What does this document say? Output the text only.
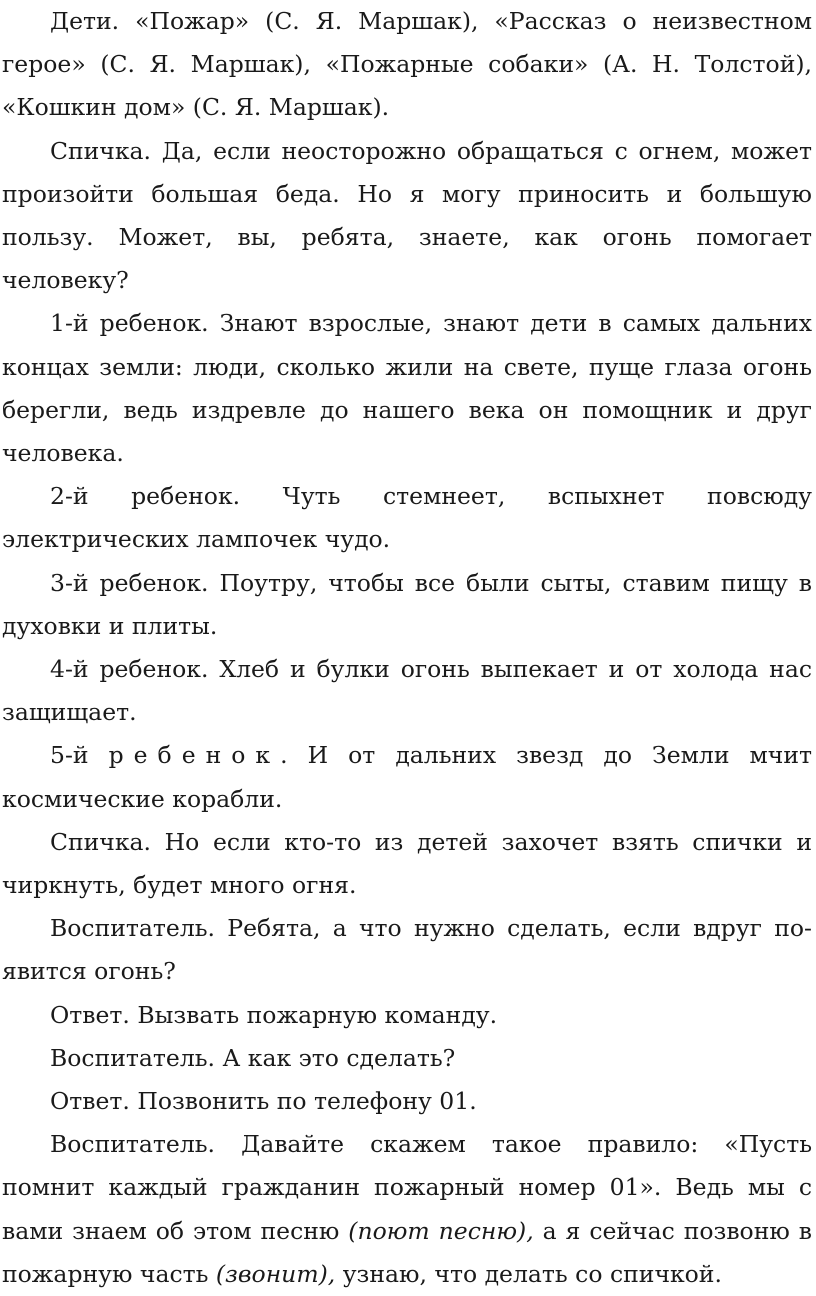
Дети. «Пожар» (С. Я. Маршак), «Рассказ о неизвестном герое» (С. Я. Маршак), «Пожарные собаки» (А. Н. Толстой), «Кошкин дом» (С. Я. Маршак).

Спичка. Да, если неосторожно обращаться с огнем, может произойти большая беда. Но я могу приносить и большую пользу. Может, вы, ребята, знаете, как огонь помогает человеку?

1-й ребенок. Знают взрослые, знают дети в самых дальних концах земли: люди, сколько жили на свете, пуще глаза огонь берегли, ведь издревле до нашего века он помощник и друг человека.

2-й ребенок. Чуть стемнеет, вспыхнет повсюду электрических лампочек чудо.

3-й ребенок. Поутру, чтобы все были сыты, ставим пищу в духовки и плиты.

4-й ребенок. Хлеб и булки огонь выпекает и от холода нас защищает.

5-й ребенок. И от дальних звезд до Земли мчит космические корабли.

Спичка. Но если кто-то из детей захочет взять спички и чиркнуть, будет много огня.

Воспитатель. Ребята, а что нужно сделать, если вдруг появится огонь?

Ответ. Вызвать пожарную команду.

Воспитатель. А как это сделать?

Ответ. Позвонить по телефону 01.

Воспитатель. Давайте скажем такое правило: «Пусть помнит каждый гражданин пожарный номер 01». Ведь мы с вами знаем об этом песню (поют песню), а я сейчас позвоню в пожарную часть (звонит), узнаю, что делать со спичкой.
